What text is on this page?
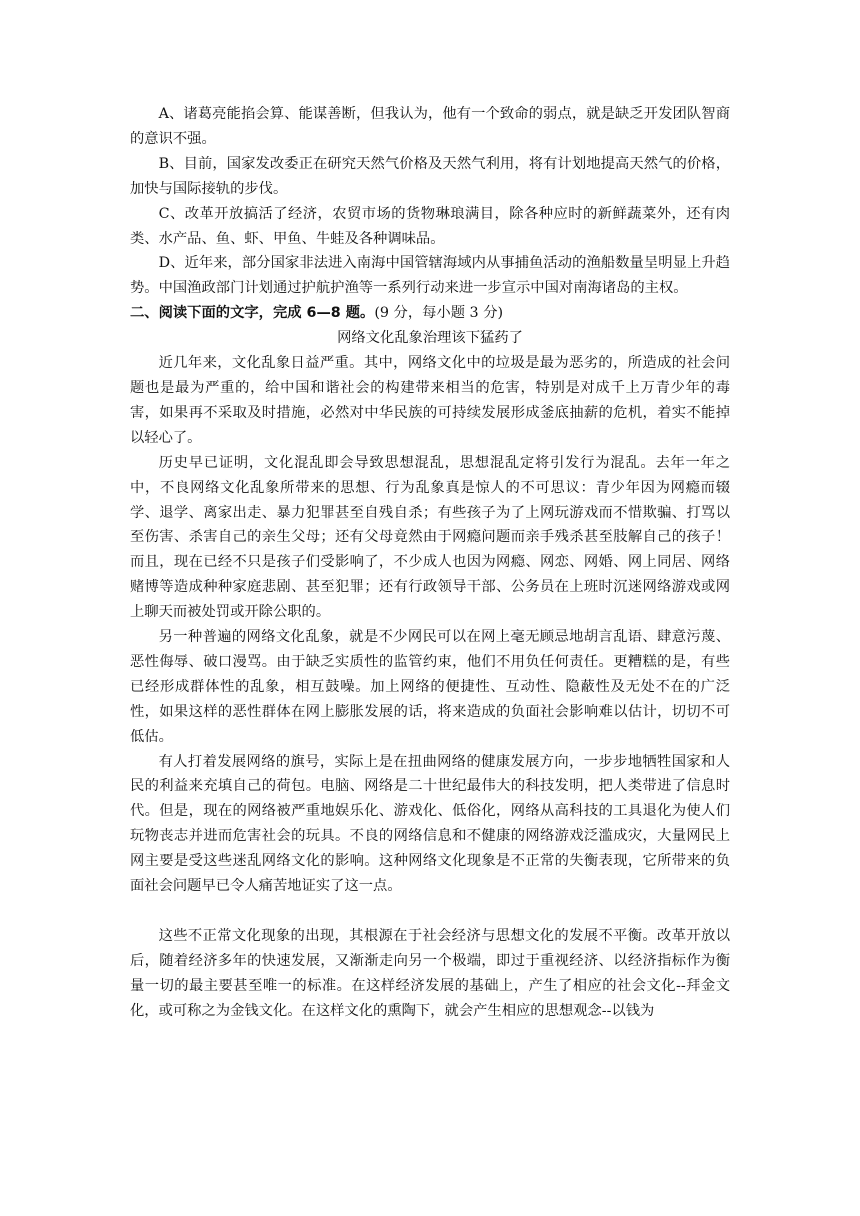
A、诸葛亮能掐会算、能谋善断，但我认为，他有一个致命的弱点，就是缺乏开发团队智商的意识不强。

B、目前，国家发改委正在研究天然气价格及天然气利用，将有计划地提高天然气的价格，加快与国际接轨的步伐。

C、改革开放搞活了经济，农贸市场的货物琳琅满目，除各种应时的新鲜蔬菜外，还有肉类、水产品、鱼、虾、甲鱼、牛蛙及各种调味品。

D、近年来，部分国家非法进入南海中国管辖海域内从事捕鱼活动的渔船数量呈明显上升趋势。中国渔政部门计划通过护航护渔等一系列行动来进一步宣示中国对南海诸岛的主权。

二、阅读下面的文字，完成 6—8 题。(9 分，每小题 3 分)

网络文化乱象治理该下猛药了

近几年来，文化乱象日益严重。其中，网络文化中的垃圾是最为恶劣的，所造成的社会问题也是最为严重的，给中国和谐社会的构建带来相当的危害，特别是对成千上万青少年的毒害，如果再不采取及时措施，必然对中华民族的可持续发展形成釜底抽薪的危机，着实不能掉以轻心了。

历史早已证明，文化混乱即会导致思想混乱，思想混乱定将引发行为混乱。去年一年之中，不良网络文化乱象所带来的思想、行为乱象真是惊人的不可思议：青少年因为网瘾而辍学、退学、离家出走、暴力犯罪甚至自残自杀；有些孩子为了上网玩游戏而不惜欺骗、打骂以至伤害、杀害自己的亲生父母；还有父母竟然由于网瘾问题而亲手残杀甚至肢解自己的孩子！而且，现在已经不只是孩子们受影响了，不少成人也因为网瘾、网恋、网婚、网上同居、网络赌博等造成种种家庭悲剧、甚至犯罪；还有行政领导干部、公务员在上班时沉迷网络游戏或网上聊天而被处罚或开除公职的。

另一种普遍的网络文化乱象，就是不少网民可以在网上毫无顾忌地胡言乱语、肆意污蔑、恶性侮辱、破口漫骂。由于缺乏实质性的监管约束，他们不用负任何责任。更糟糕的是，有些已经形成群体性的乱象，相互鼓噪。加上网络的便捷性、互动性、隐蔽性及无处不在的广泛性，如果这样的恶性群体在网上膨胀发展的话，将来造成的负面社会影响难以估计，切切不可低估。

有人打着发展网络的旗号，实际上是在扭曲网络的健康发展方向，一步步地牺牲国家和人民的利益来充填自己的荷包。电脑、网络是二十世纪最伟大的科技发明，把人类带进了信息时代。但是，现在的网络被严重地娱乐化、游戏化、低俗化，网络从高科技的工具退化为使人们玩物丧志并进而危害社会的玩具。不良的网络信息和不健康的网络游戏泛滥成灾，大量网民上网主要是受这些迷乱网络文化的影响。这种网络文化现象是不正常的失衡表现，它所带来的负面社会问题早已令人痛苦地证实了这一点。

这些不正常文化现象的出现，其根源在于社会经济与思想文化的发展不平衡。改革开放以后，随着经济多年的快速发展，又渐渐走向另一个极端，即过于重视经济、以经济指标作为衡量一切的最主要甚至唯一的标准。在这样经济发展的基础上，产生了相应的社会文化--拜金文化，或可称之为金钱文化。在这样文化的熏陶下，就会产生相应的思想观念--以钱为
